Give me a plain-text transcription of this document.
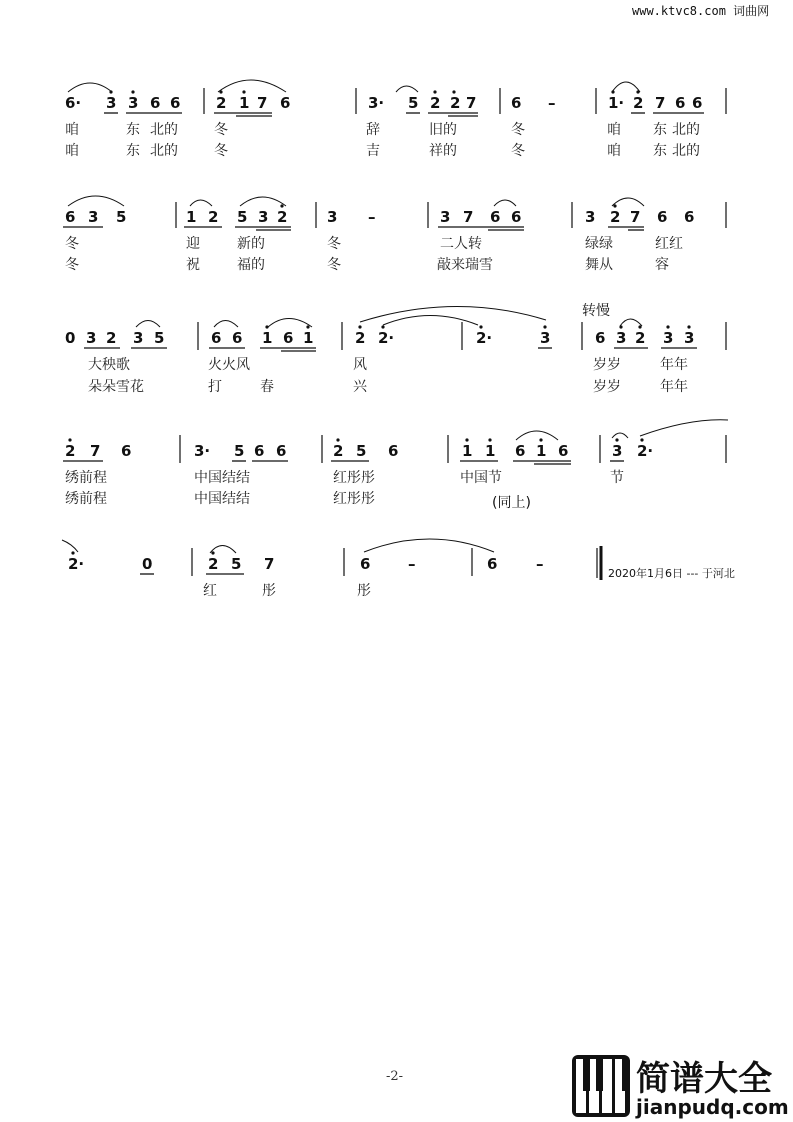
www.ktvc8.com 词曲网
6· 3 3 6 6 2 1 7 6	3· 5 2 2 7 6 –	1· 2 7 6 6
咱	东 北的	冬	辞	旧的	冬	咱 东 北的
咱	东 北的	冬	吉	祥的	冬	咱 东 北的
6 3 5	1 2 5 3 2	3 –	3 7 6 6	3 2 7 6 6
冬	迎	新的	冬	二人转	绿绿	红红
冬	祝	福的	冬	敲来瑞雪	舞从	容
转慢
0 3 2 3 5	6 6 1 6 1	2 2·	2·	3	6 3 2 3 3
大秧歌	火火风	风	岁岁	年年
朵朵雪花	打	春	兴	岁岁	年年
2 7 6	3· 5 6 6	2 5 6	1 1 6 1 6	3 2·
绣前程	中国结结	红彤彤	中国节	节
绣前程	中国结结	红彤彤	(同上)
2·	0	2 5 7	6	–	6	–
红	彤	彤
2020年1月6日 --- 于河北
-2-	简谱大全
jianpudq.com
